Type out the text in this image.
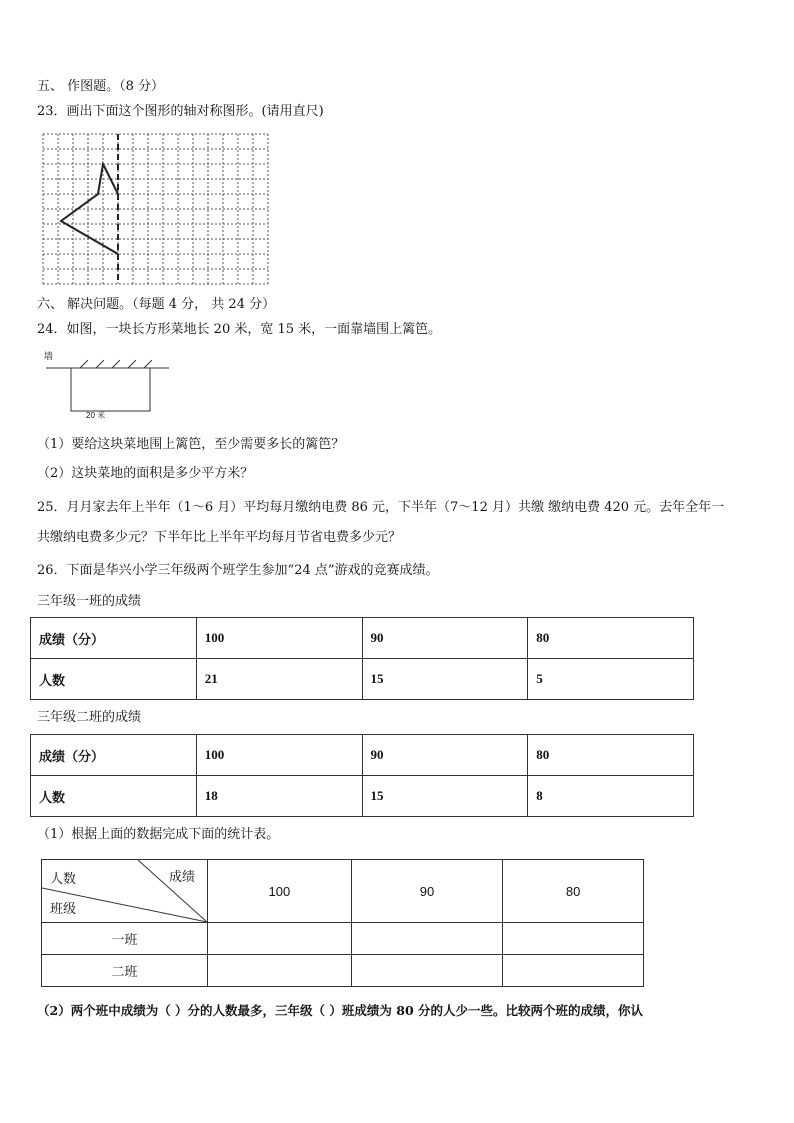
五、 作图题。（8 分）
23．画出下面这个图形的轴对称图形。(请用直尺)
六、 解决问题。（每题 4 分， 共 24 分）
24．如图，一块长方形菜地长 20 米，宽 15 米，一面靠墙围上篱笆。
墙
20 米
（1）要给这块菜地围上篱笆，至少需要多长的篱笆？
（2）这块菜地的面积是多少平方米？
25．月月家去年上半年（1～6 月）平均每月缴纳电费 86 元，下半年（7～12 月）共缴 缴纳电费 420 元。去年全年一
共缴纳电费多少元？下半年比上半年平均每月节省电费多少元？
26．下面是华兴小学三年级两个班学生参加“24 点”游戏的竞赛成绩。
三年级一班的成绩
成绩（分）	100	90	80
人数	21	15	5
三年级二班的成绩
成绩（分）	100	90	80
人数	18	15	8
（1）根据上面的数据完成下面的统计表。
成绩
人数
班级	100	90	80
一班			
二班			
（2）两个班中成绩为（ ）分的人数最多，三年级（ ）班成绩为 80 分的人少一些。比较两个班的成绩，你认
